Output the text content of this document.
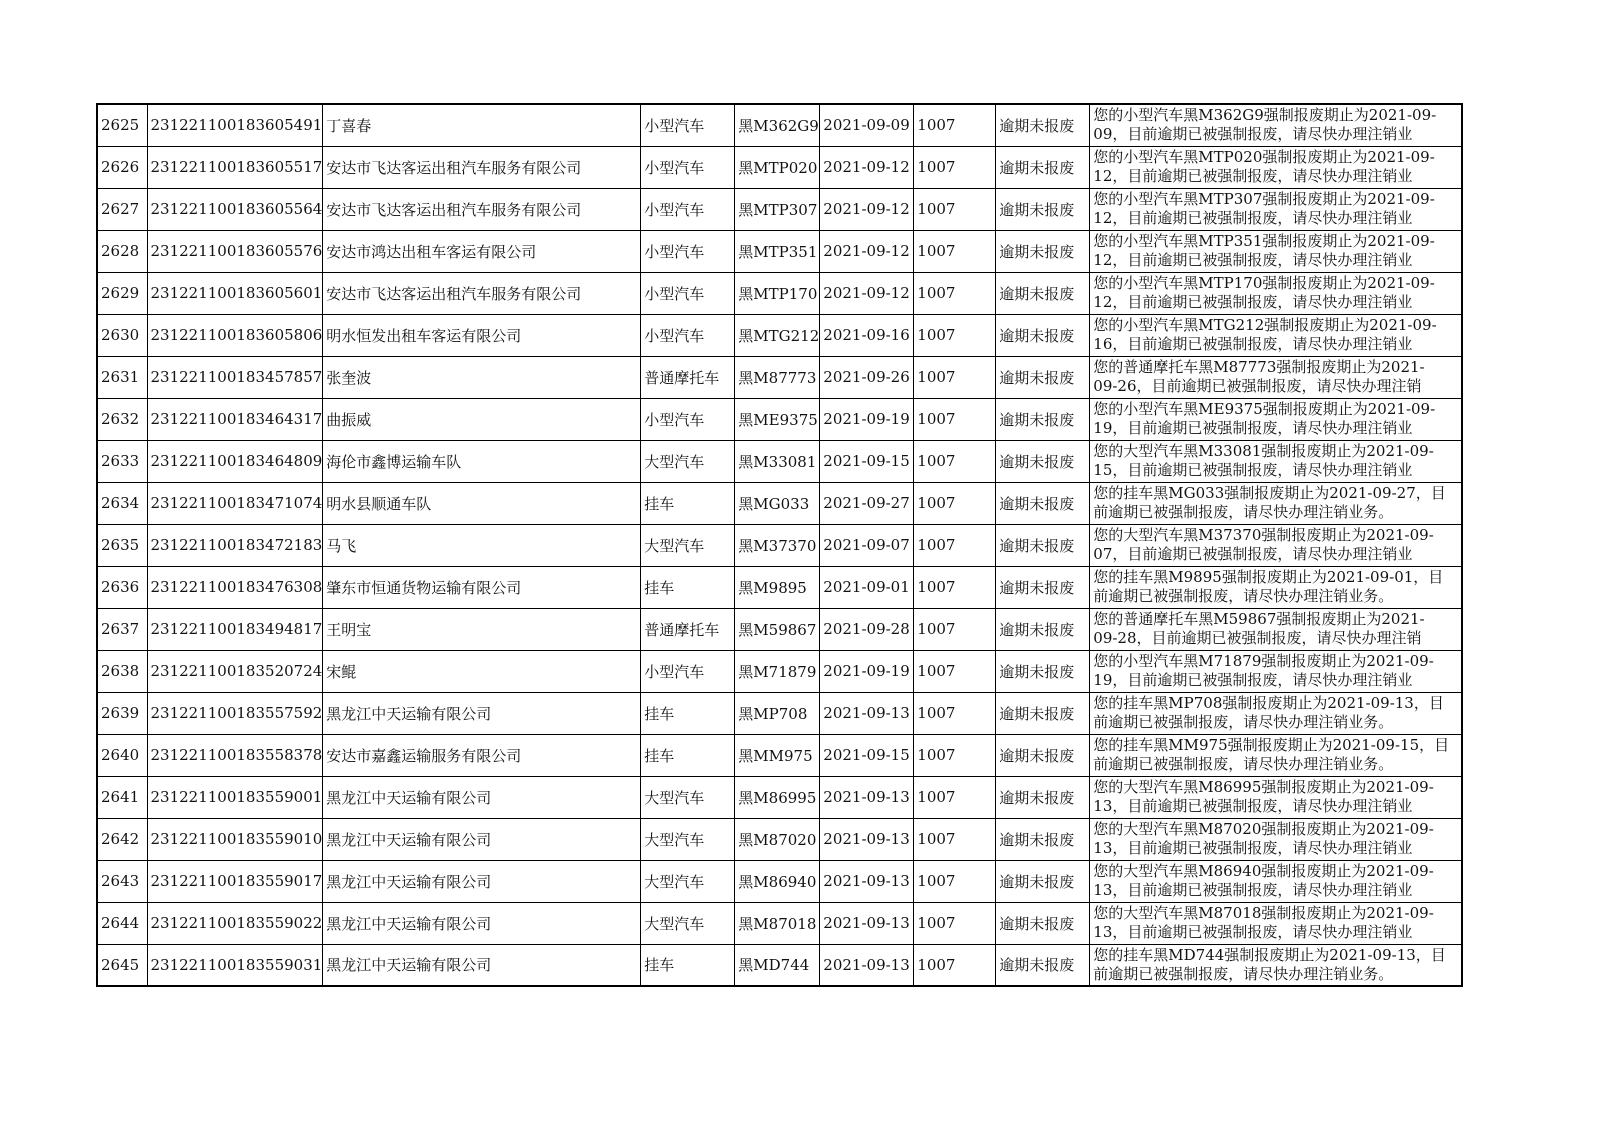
2625	231221100183605491	丁喜春	小型汽车	黑M362G9	2021-09-09	1007	逾期未报废	您的小型汽车黑M362G9强制报废期止为2021-09-
09，目前逾期已被强制报废，请尽快办理注销业

2626	231221100183605517	安达市飞达客运出租汽车服务有限公司	小型汽车	黑MTP020	2021-09-12	1007	逾期未报废	您的小型汽车黑MTP020强制报废期止为2021-09-
12，目前逾期已被强制报废，请尽快办理注销业

2627	231221100183605564	安达市飞达客运出租汽车服务有限公司	小型汽车	黑MTP307	2021-09-12	1007	逾期未报废	您的小型汽车黑MTP307强制报废期止为2021-09-
12，目前逾期已被强制报废，请尽快办理注销业

2628	231221100183605576	安达市鸿达出租车客运有限公司	小型汽车	黑MTP351	2021-09-12	1007	逾期未报废	您的小型汽车黑MTP351强制报废期止为2021-09-
12，目前逾期已被强制报废，请尽快办理注销业

2629	231221100183605601	安达市飞达客运出租汽车服务有限公司	小型汽车	黑MTP170	2021-09-12	1007	逾期未报废	您的小型汽车黑MTP170强制报废期止为2021-09-
12，目前逾期已被强制报废，请尽快办理注销业

2630	231221100183605806	明水恒发出租车客运有限公司	小型汽车	黑MTG212	2021-09-16	1007	逾期未报废	您的小型汽车黑MTG212强制报废期止为2021-09-
16，目前逾期已被强制报废，请尽快办理注销业

2631	231221100183457857	张奎波	普通摩托车	黑M87773	2021-09-26	1007	逾期未报废	您的普通摩托车黑M87773强制报废期止为2021-
09-26，目前逾期已被强制报废，请尽快办理注销

2632	231221100183464317	曲振威	小型汽车	黑ME9375	2021-09-19	1007	逾期未报废	您的小型汽车黑ME9375强制报废期止为2021-09-
19，目前逾期已被强制报废，请尽快办理注销业

2633	231221100183464809	海伦市鑫博运输车队	大型汽车	黑M33081	2021-09-15	1007	逾期未报废	您的大型汽车黑M33081强制报废期止为2021-09-
15，目前逾期已被强制报废，请尽快办理注销业

2634	231221100183471074	明水县顺通车队	挂车	黑MG033	2021-09-27	1007	逾期未报废	您的挂车黑MG033强制报废期止为2021-09-27，目
前逾期已被强制报废，请尽快办理注销业务。

2635	231221100183472183	马飞	大型汽车	黑M37370	2021-09-07	1007	逾期未报废	您的大型汽车黑M37370强制报废期止为2021-09-
07，目前逾期已被强制报废，请尽快办理注销业

2636	231221100183476308	肇东市恒通货物运输有限公司	挂车	黑M9895	2021-09-01	1007	逾期未报废	您的挂车黑M9895强制报废期止为2021-09-01，目
前逾期已被强制报废，请尽快办理注销业务。

2637	231221100183494817	王明宝	普通摩托车	黑M59867	2021-09-28	1007	逾期未报废	您的普通摩托车黑M59867强制报废期止为2021-
09-28，目前逾期已被强制报废，请尽快办理注销

2638	231221100183520724	宋鲲	小型汽车	黑M71879	2021-09-19	1007	逾期未报废	您的小型汽车黑M71879强制报废期止为2021-09-
19，目前逾期已被强制报废，请尽快办理注销业

2639	231221100183557592	黑龙江中天运输有限公司	挂车	黑MP708	2021-09-13	1007	逾期未报废	您的挂车黑MP708强制报废期止为2021-09-13，目
前逾期已被强制报废，请尽快办理注销业务。

2640	231221100183558378	安达市嘉鑫运输服务有限公司	挂车	黑MM975	2021-09-15	1007	逾期未报废	您的挂车黑MM975强制报废期止为2021-09-15，目
前逾期已被强制报废，请尽快办理注销业务。

2641	231221100183559001	黑龙江中天运输有限公司	大型汽车	黑M86995	2021-09-13	1007	逾期未报废	您的大型汽车黑M86995强制报废期止为2021-09-
13，目前逾期已被强制报废，请尽快办理注销业

2642	231221100183559010	黑龙江中天运输有限公司	大型汽车	黑M87020	2021-09-13	1007	逾期未报废	您的大型汽车黑M87020强制报废期止为2021-09-
13，目前逾期已被强制报废，请尽快办理注销业

2643	231221100183559017	黑龙江中天运输有限公司	大型汽车	黑M86940	2021-09-13	1007	逾期未报废	您的大型汽车黑M86940强制报废期止为2021-09-
13，目前逾期已被强制报废，请尽快办理注销业

2644	231221100183559022	黑龙江中天运输有限公司	大型汽车	黑M87018	2021-09-13	1007	逾期未报废	您的大型汽车黑M87018强制报废期止为2021-09-
13，目前逾期已被强制报废，请尽快办理注销业

2645	231221100183559031	黑龙江中天运输有限公司	挂车	黑MD744	2021-09-13	1007	逾期未报废	您的挂车黑MD744强制报废期止为2021-09-13，目
前逾期已被强制报废，请尽快办理注销业务。
